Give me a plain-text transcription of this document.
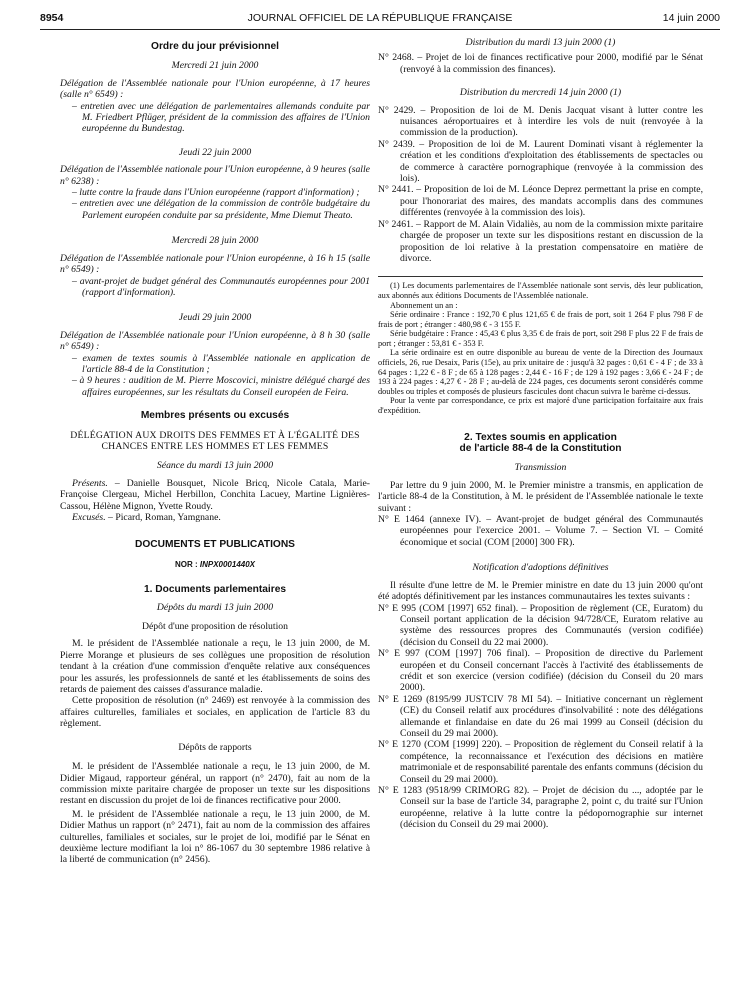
8954	JOURNAL OFFICIEL DE LA RÉPUBLIQUE FRANÇAISE	14 juin 2000

Ordre du jour prévisionnel

Mercredi 21 juin 2000

Délégation de l'Assemblée nationale pour l'Union européenne, à 17 heures (salle n° 6549) :

– entretien avec une délégation de parlementaires allemands conduite par M. Friedbert Pflüger, président de la commission des affaires de l'Union européenne du Bundestag.

Jeudi 22 juin 2000

Délégation de l'Assemblée nationale pour l'Union européenne, à 9 heures (salle n° 6238) :

– lutte contre la fraude dans l'Union européenne (rapport d'information) ;

– entretien avec une délégation de la commission de contrôle budgétaire du Parlement européen conduite par sa présidente, Mme Diemut Theato.

Mercredi 28 juin 2000

Délégation de l'Assemblée nationale pour l'Union européenne, à 16 h 15 (salle n° 6549) :

– avant-projet de budget général des Communautés européennes pour 2001 (rapport d'information).

Jeudi 29 juin 2000

Délégation de l'Assemblée nationale pour l'Union européenne, à 8 h 30 (salle n° 6549) :

– examen de textes soumis à l'Assemblée nationale en application de l'article 88-4 de la Constitution ;

– à 9 heures : audition de M. Pierre Moscovici, ministre délégué chargé des affaires européennes, sur les résultats du Conseil européen de Feira.

Membres présents ou excusés

DÉLÉGATION AUX DROITS DES FEMMES ET À L'ÉGALITÉ DES CHANCES ENTRE LES HOMMES ET LES FEMMES

Séance du mardi 13 juin 2000

Présents. – Danielle Bousquet, Nicole Bricq, Nicole Catala, Marie-Françoise Clergeau, Michel Herbillon, Conchita Lacuey, Martine Lignières-Cassou, Hélène Mignon, Yvette Roudy.

Excusés. – Picard, Roman, Yamgnane.

DOCUMENTS ET PUBLICATIONS

NOR : INPX0001440X

1. Documents parlementaires

Dépôts du mardi 13 juin 2000

Dépôt d'une proposition de résolution

M. le président de l'Assemblée nationale a reçu, le 13 juin 2000, de M. Pierre Morange et plusieurs de ses collègues une proposition de résolution tendant à la création d'une commission d'enquête relative aux conséquences pour les assurés, les professionnels de santé et les établissements de soins des retards de paiement des caisses d'assurance maladie.

Cette proposition de résolution (n° 2469) est renvoyée à la commission des affaires culturelles, familiales et sociales, en application de l'article 83 du règlement.

Dépôts de rapports

M. le président de l'Assemblée nationale a reçu, le 13 juin 2000, de M. Didier Migaud, rapporteur général, un rapport (n° 2470), fait au nom de la commission mixte paritaire chargée de proposer un texte sur les dispositions restant en discussion du projet de loi de finances rectificative pour 2000.

M. le président de l'Assemblée nationale a reçu, le 13 juin 2000, de M. Didier Mathus un rapport (n° 2471), fait au nom de la commission des affaires culturelles, familiales et sociales, sur le projet de loi, modifié par le Sénat en deuxième lecture modifiant la loi n° 86-1067 du 30 septembre 1986 relative à la liberté de communication (n° 2456).

Distribution du mardi 13 juin 2000 (1)

N° 2468. – Projet de loi de finances rectificative pour 2000, modifié par le Sénat (renvoyé à la commission des finances).

Distribution du mercredi 14 juin 2000 (1)

N° 2429. – Proposition de loi de M. Denis Jacquat visant à lutter contre les nuisances aéroportuaires et à interdire les vols de nuit (renvoyée à la commission de la production).

N° 2439. – Proposition de loi de M. Laurent Dominati visant à réglementer la création et les conditions d'exploitation des établissements de spectacles ou de commerce à caractère pornographique (renvoyée à la commission des lois).

N° 2441. – Proposition de loi de M. Léonce Deprez permettant la prise en compte, pour l'honorariat des maires, des mandats accomplis dans des communes différentes (renvoyée à la commission des lois).

N° 2461. – Rapport de M. Alain Vidaliès, au nom de la commission mixte paritaire chargée de proposer un texte sur les dispositions restant en discussion de la proposition de loi relative à la prestation compensatoire en matière de divorce.

(1) Les documents parlementaires de l'Assemblée nationale sont servis, dès leur publication, aux abonnés aux éditions Documents de l'Assemblée nationale.

Abonnement un an :

Série ordinaire : France : 192,70 € plus 121,65 € de frais de port, soit 1 264 F plus 798 F de frais de port ; étranger : 480,98 € - 3 155 F.

Série budgétaire : France : 45,43 € plus 3,35 € de frais de port, soit 298 F plus 22 F de frais de port ; étranger : 53,81 € - 353 F.

La série ordinaire est en outre disponible au bureau de vente de la Direction des Journaux officiels, 26, rue Desaix, Paris (15e), au prix unitaire de : jusqu'à 32 pages : 0,61 € - 4 F ; de 33 à 64 pages : 1,22 € - 8 F ; de 65 à 128 pages : 2,44 € - 16 F ; de 129 à 192 pages : 3,66 € - 24 F ; de 193 à 224 pages : 4,27 € - 28 F ; au-delà de 224 pages, ces documents seront considérés comme doubles ou triples et composés de plusieurs fascicules dont chacun suivra le barème ci-dessus.

Pour la vente par correspondance, ce prix est majoré d'une participation forfaitaire aux frais d'expédition.

2. Textes soumis en application

de l'article 88-4 de la Constitution

Transmission

Par lettre du 9 juin 2000, M. le Premier ministre a transmis, en application de l'article 88-4 de la Constitution, à M. le président de l'Assemblée nationale le texte suivant :

N° E 1464 (annexe IV). – Avant-projet de budget général des Communautés européennes pour l'exercice 2001. – Volume 7. – Section VI. – Comité économique et social (COM [2000] 300 FR).

Notification d'adoptions définitives

Il résulte d'une lettre de M. le Premier ministre en date du 13 juin 2000 qu'ont été adoptés définitivement par les instances communautaires les textes suivants :

N° E 995 (COM [1997] 652 final). – Proposition de règlement (CE, Euratom) du Conseil portant application de la décision 94/728/CE, Euratom relative au système des ressources propres des Communautés (version codifiée) (décision du Conseil du 22 mai 2000).

N° E 997 (COM [1997] 706 final). – Proposition de directive du Parlement européen et du Conseil concernant l'accès à l'activité des établissements de crédit et son exercice (version codifiée) (décision du Conseil du 20 mars 2000).

N° E 1269 (8195/99 JUSTCIV 78 MI 54). – Initiative concernant un règlement (CE) du Conseil relatif aux procédures d'insolvabilité : note des délégations allemande et finlandaise en date du 26 mai 1999 au Conseil (décision du Conseil du 29 mai 2000).

N° E 1270 (COM [1999] 220). – Proposition de règlement du Conseil relatif à la compétence, la reconnaissance et l'exécution des décisions en matière matrimoniale et de responsabilité parentale des enfants communs (décision du Conseil du 29 mai 2000).

N° E 1283 (9518/99 CRIMORG 82). – Projet de décision du ..., adoptée par le Conseil sur la base de l'article 34, paragraphe 2, point c, du traité sur l'Union européenne, relative à la lutte contre la pédopornographie sur internet (décision du Conseil du 29 mai 2000).
